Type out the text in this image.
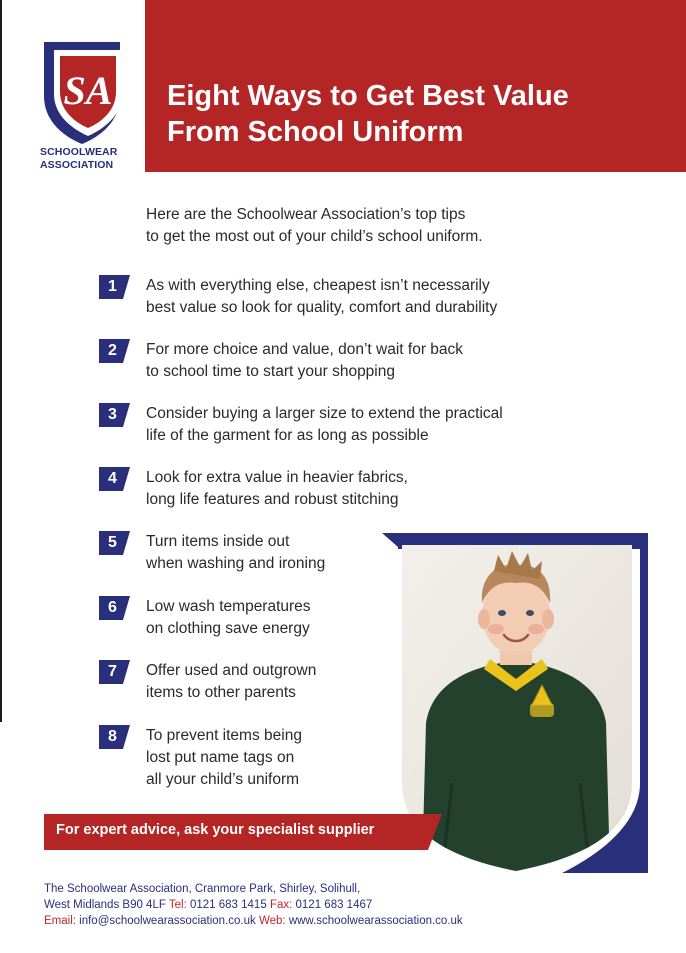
SA
SCHOOLWEAR
ASSOCIATION
Eight Ways to Get Best Value
From School Uniform
Here are the Schoolwear Association’s top tips
to get the most out of your child’s school uniform.
1	As with everything else, cheapest isn’t necessarily
best value so look for quality, comfort and durability
2	For more choice and value, don’t wait for back
to school time to start your shopping
3	Consider buying a larger size to extend the practical
life of the garment for as long as possible
4	Look for extra value in heavier fabrics,
long life features and robust stitching
5	Turn items inside out
when washing and ironing
6	Low wash temperatures
on clothing save energy
7	Offer used and outgrown
items to other parents
8	To prevent items being
lost put name tags on
all your child’s uniform
For expert advice, ask your specialist supplier
The Schoolwear Association, Cranmore Park, Shirley, Solihull,
West Midlands B90 4LF Tel: 0121 683 1415 Fax: 0121 683 1467
Email: info@schoolwearassociation.co.uk Web: www.schoolwearassociation.co.uk
